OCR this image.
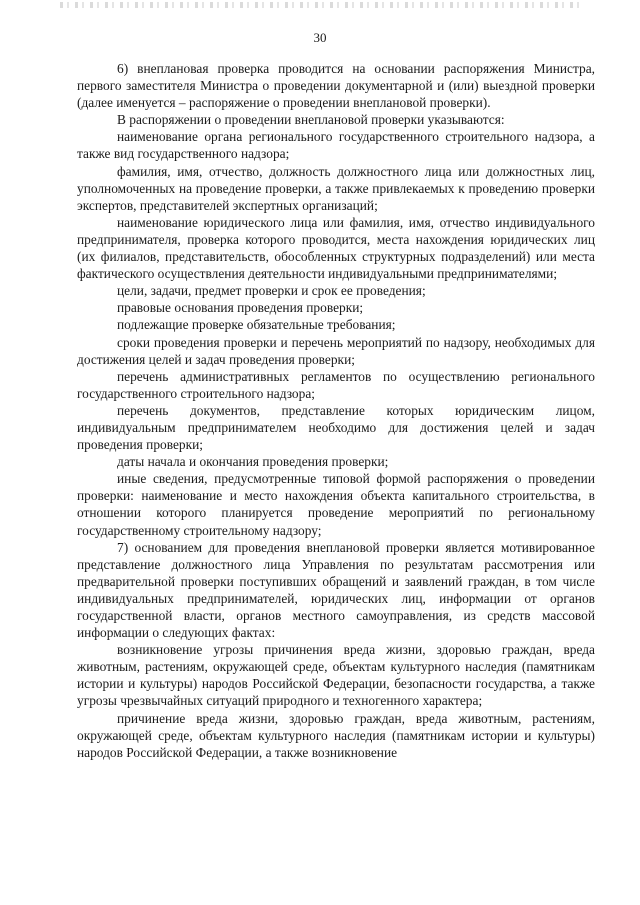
30

6) внеплановая проверка проводится на основании распоряжения Министра, первого заместителя Министра о проведении документарной и (или) выездной проверки (далее именуется – распоряжение о проведении внеплановой проверки).

В распоряжении о проведении внеплановой проверки указываются:

наименование органа регионального государственного строительного надзора, а также вид государственного надзора;

фамилия, имя, отчество, должность должностного лица или должностных лиц, уполномоченных на проведение проверки, а также привлекаемых к проведению проверки экспертов, представителей экспертных организаций;

наименование юридического лица или фамилия, имя, отчество индивидуального предпринимателя, проверка которого проводится, места нахождения юридических лиц (их филиалов, представительств, обособленных структурных подразделений) или места фактического осуществления деятельности индивидуальными предпринимателями;

цели, задачи, предмет проверки и срок ее проведения;

правовые основания проведения проверки;

подлежащие проверке обязательные требования;

сроки проведения проверки и перечень мероприятий по надзору, необходимых для достижения целей и задач проведения проверки;

перечень административных регламентов по осуществлению регионального государственного строительного надзора;

перечень документов, представление которых юридическим лицом, индивидуальным предпринимателем необходимо для достижения целей и задач проведения проверки;

даты начала и окончания проведения проверки;

иные сведения, предусмотренные типовой формой распоряжения о проведении проверки: наименование и место нахождения объекта капитального строительства, в отношении которого планируется проведение мероприятий по региональному государственному строительному надзору;

7) основанием для проведения внеплановой проверки является мотивированное представление должностного лица Управления по результатам рассмотрения или предварительной проверки поступивших обращений и заявлений граждан, в том числе индивидуальных предпринимателей, юридических лиц, информации от органов государственной власти, органов местного самоуправления, из средств массовой информации о следующих фактах:

возникновение угрозы причинения вреда жизни, здоровью граждан, вреда животным, растениям, окружающей среде, объектам культурного наследия (памятникам истории и культуры) народов Российской Федерации, безопасности государства, а также угрозы чрезвычайных ситуаций природного и техногенного характера;

причинение вреда жизни, здоровью граждан, вреда животным, растениям, окружающей среде, объектам культурного наследия (памятникам истории и культуры) народов Российской Федерации, а также возникновение
